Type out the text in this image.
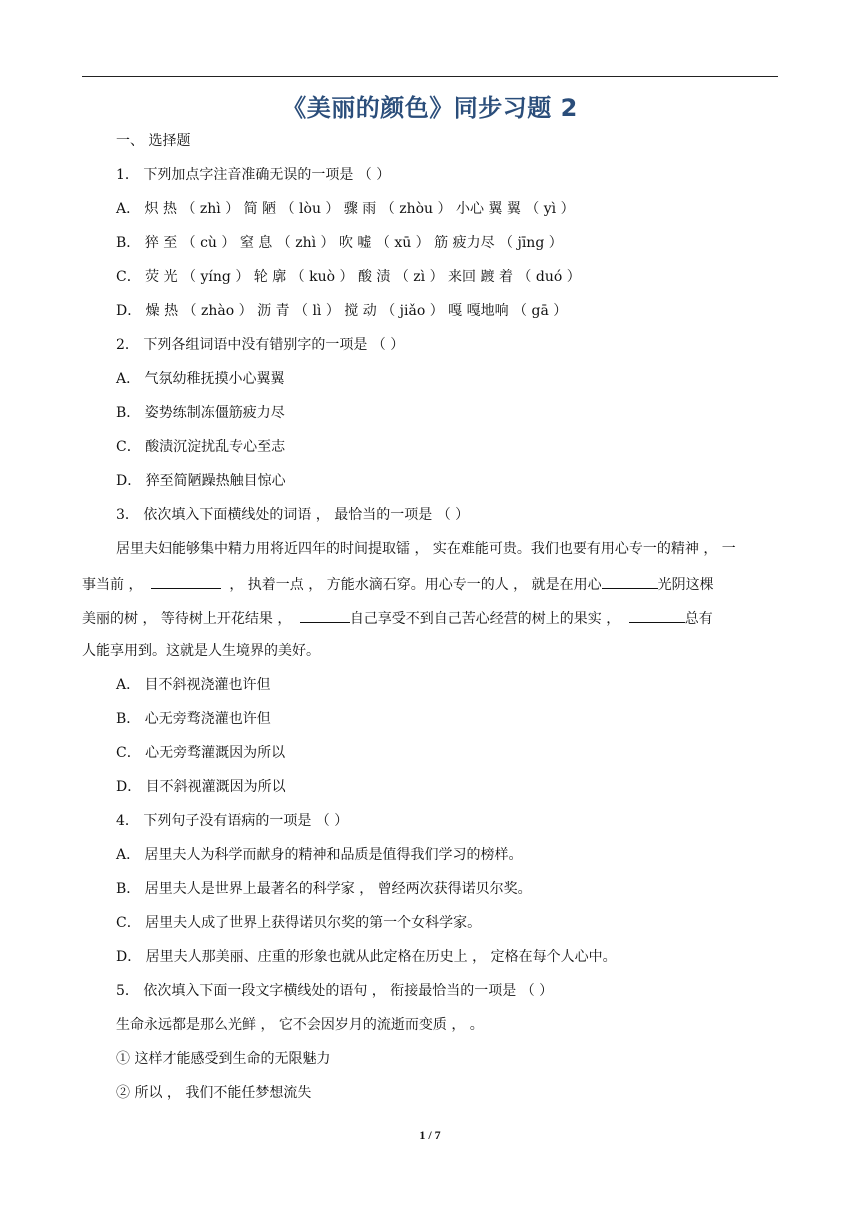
《美丽的颜色》同步习题 2
一、 选择题
1． 下列加点字注音准确无误的一项是 （ ）
A． 炽 热 （ zhì ） 简 陋 （ lòu ） 骤 雨 （ zhòu ） 小心 翼 翼 （ yì ）
B． 猝 至 （ cù ） 窒 息 （ zhì ） 吹 嘘 （ xū ） 筋 疲力尽 （ jīng ）
C． 荧 光 （ yíng ） 轮 廓 （ kuò ） 酸 渍 （ zì ） 来回 踱 着 （ duó ）
D． 燥 热 （ zhào ） 沥 青 （ lì ） 搅 动 （ jiǎo ） 嘎 嘎地响 （ gā ）
2． 下列各组词语中没有错别字的一项是 （ ）
A． 气氛幼稚抚摸小心翼翼
B． 姿势练制冻僵筋疲力尽
C． 酸渍沉淀扰乱专心至志
D． 猝至简陋躁热触目惊心
3． 依次填入下面横线处的词语 ， 最恰当的一项是 （ ）
居里夫妇能够集中精力用将近四年的时间提取镭 ， 实在难能可贵。我们也要有用心专一的精神 ， 一
事当前 ，	， 执着一点 ， 方能水滴石穿。用心专一的人 ， 就是在用心	光阴这棵
美丽的树 ， 等待树上开花结果 ，	自己享受不到自己苦心经营的树上的果实 ，	总有
人能享用到。这就是人生境界的美好。
A． 目不斜视浇灌也许但
B． 心无旁骛浇灌也许但
C． 心无旁骛灌溉因为所以
D． 目不斜视灌溉因为所以
4． 下列句子没有语病的一项是 （ ）
A． 居里夫人为科学而献身的精神和品质是值得我们学习的榜样。
B． 居里夫人是世界上最著名的科学家 ， 曾经两次获得诺贝尔奖。
C． 居里夫人成了世界上获得诺贝尔奖的第一个女科学家。
D． 居里夫人那美丽、庄重的形象也就从此定格在历史上 ， 定格在每个人心中。
5． 依次填入下面一段文字横线处的语句 ， 衔接最恰当的一项是 （ ）
生命永远都是那么光鲜 ， 它不会因岁月的流逝而变质 ， 。
① 这样才能感受到生命的无限魅力
② 所以 ， 我们不能任梦想流失
1 / 7
